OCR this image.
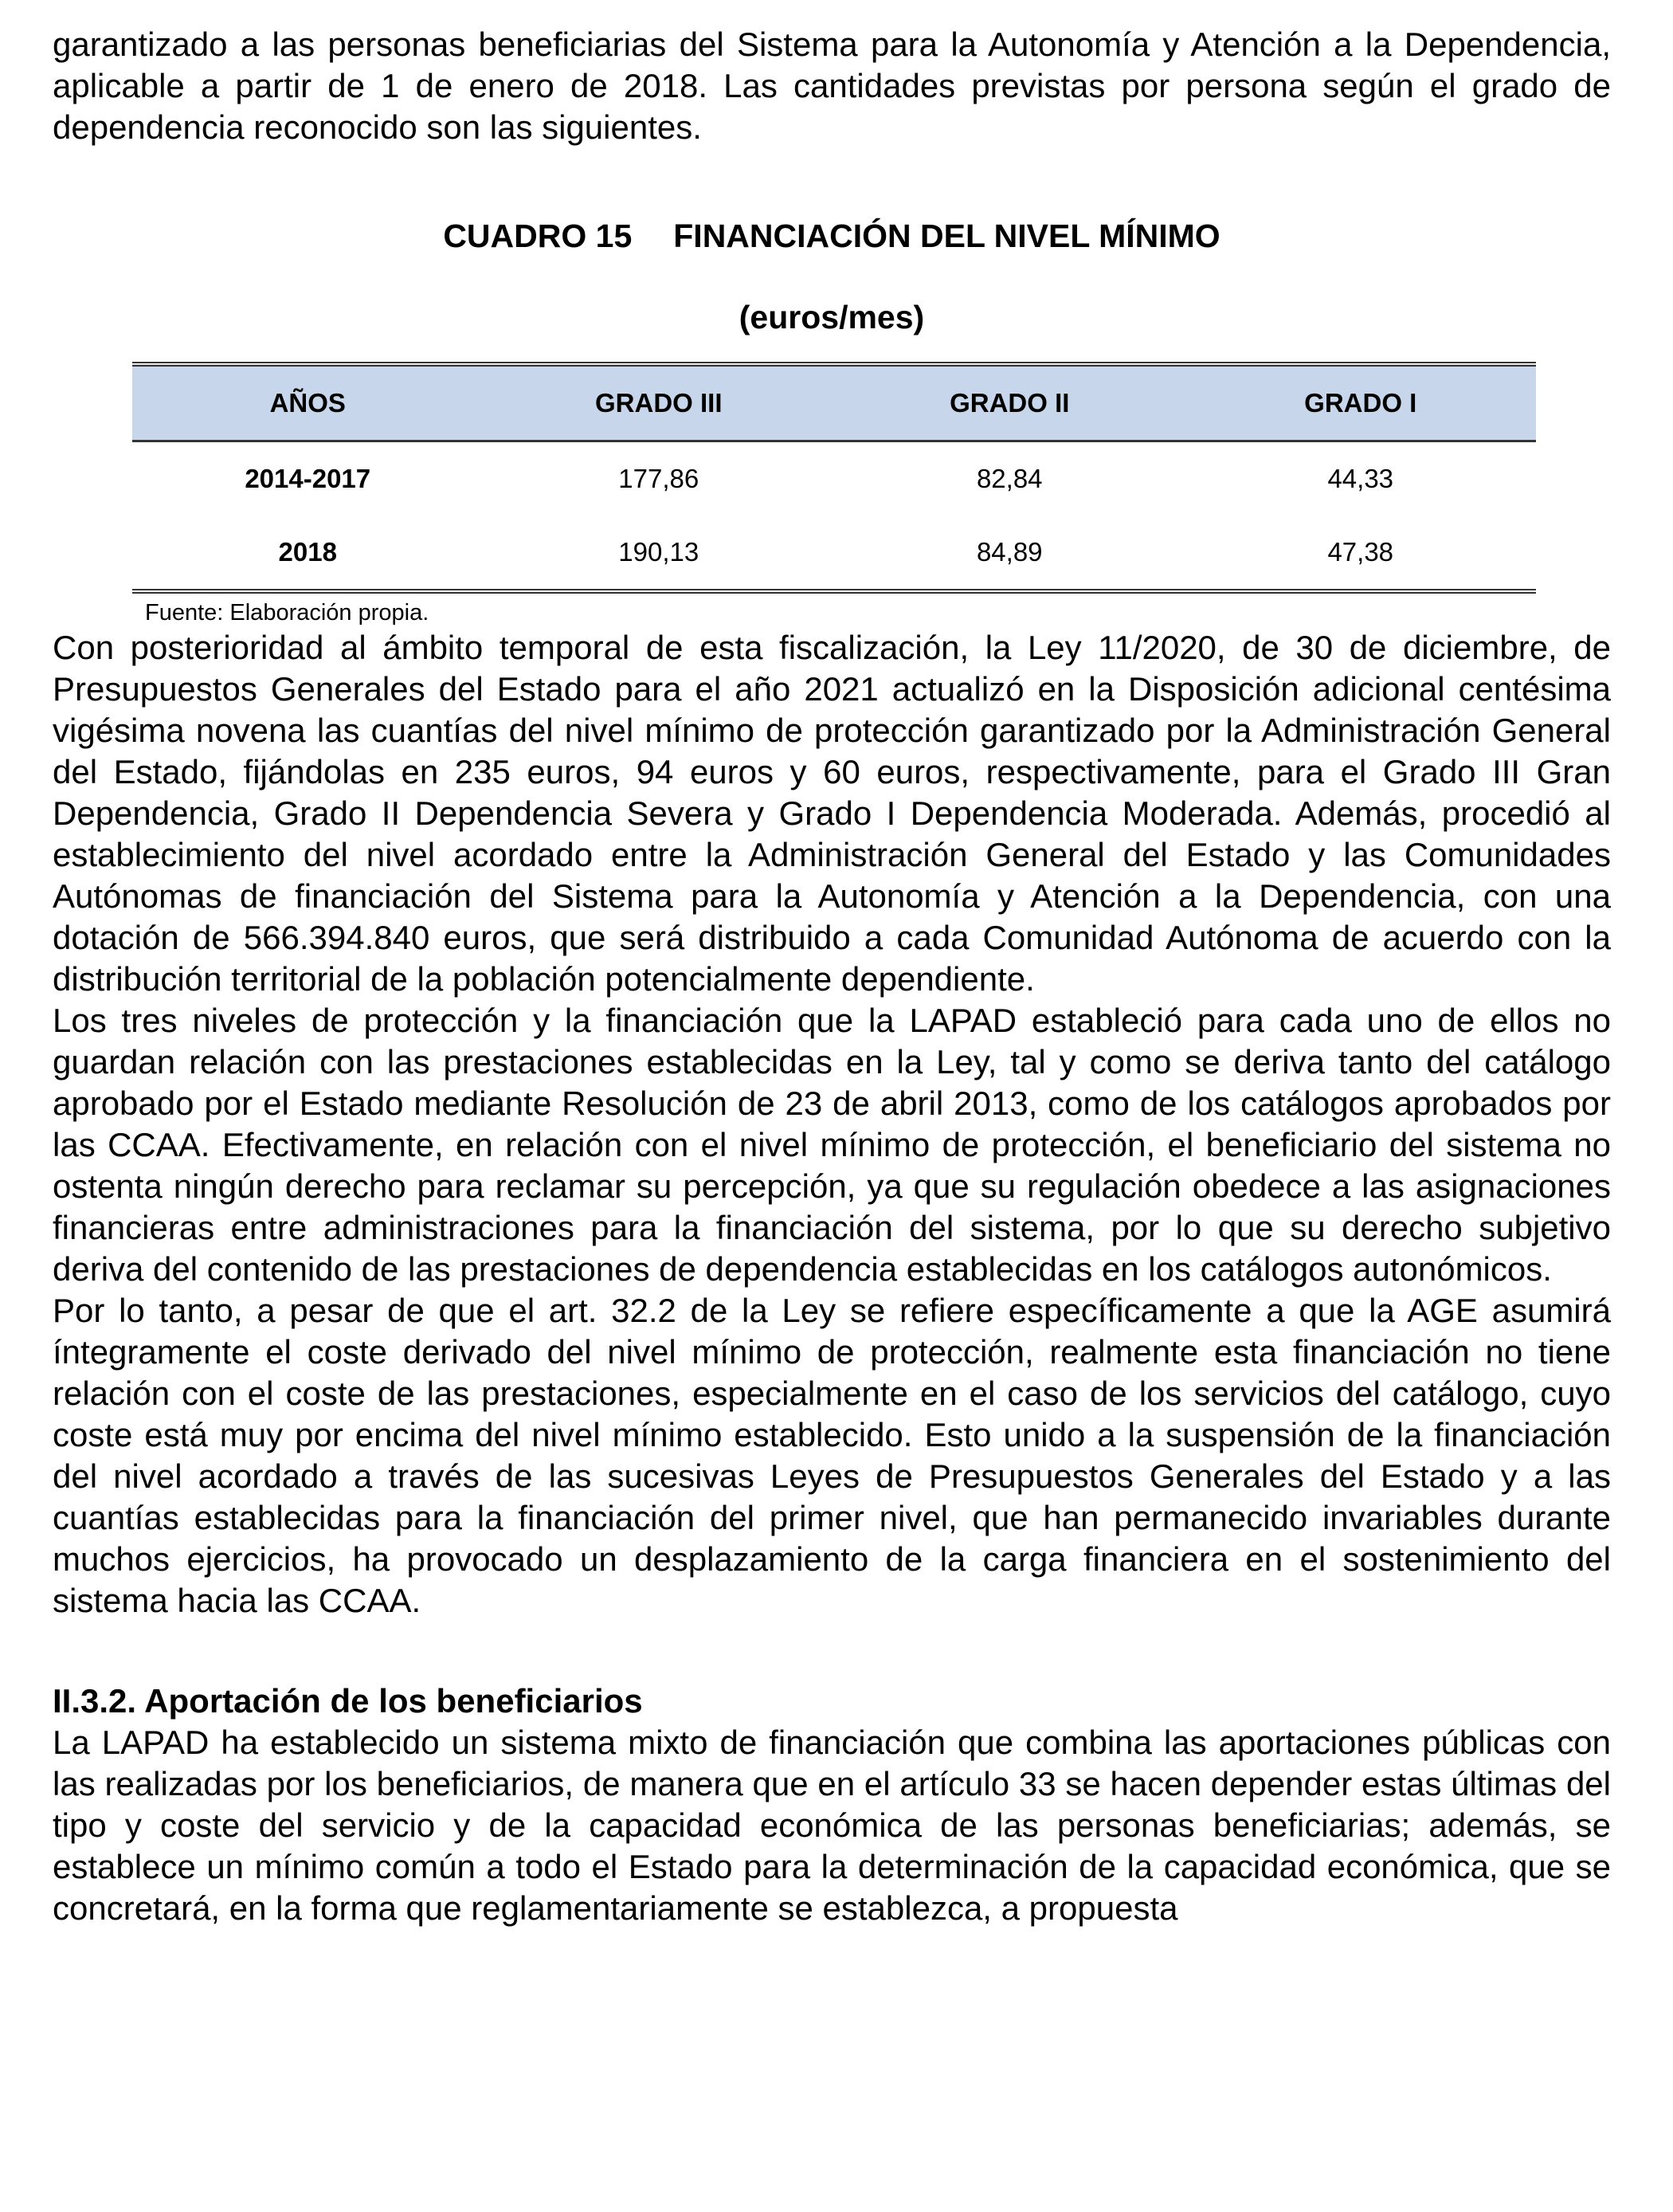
garantizado a las personas beneficiarias del Sistema para la Autonomía y Atención a la Dependencia, aplicable a partir de 1 de enero de 2018. Las cantidades previstas por persona según el grado de dependencia reconocido son las siguientes.

CUADRO 15 FINANCIACIÓN DEL NIVEL MÍNIMO
(euros/mes)
AÑOS	GRADO III	GRADO II	GRADO I
2014-2017	177,86	82,84	44,33
2018	190,13	84,89	47,38
Fuente: Elaboración propia.

Con posterioridad al ámbito temporal de esta fiscalización, la Ley 11/2020, de 30 de diciembre, de Presupuestos Generales del Estado para el año 2021 actualizó en la Disposición adicional centésima vigésima novena las cuantías del nivel mínimo de protección garantizado por la Administración General del Estado, fijándolas en 235 euros, 94 euros y 60 euros, respectivamente, para el Grado III Gran Dependencia, Grado II Dependencia Severa y Grado I Dependencia Moderada. Además, procedió al establecimiento del nivel acordado entre la Administración General del Estado y las Comunidades Autónomas de financiación del Sistema para la Autonomía y Atención a la Dependencia, con una dotación de 566.394.840 euros, que será distribuido a cada Comunidad Autónoma de acuerdo con la distribución territorial de la población potencialmente dependiente.

Los tres niveles de protección y la financiación que la LAPAD estableció para cada uno de ellos no guardan relación con las prestaciones establecidas en la Ley, tal y como se deriva tanto del catálogo aprobado por el Estado mediante Resolución de 23 de abril 2013, como de los catálogos aprobados por las CCAA. Efectivamente, en relación con el nivel mínimo de protección, el beneficiario del sistema no ostenta ningún derecho para reclamar su percepción, ya que su regulación obedece a las asignaciones financieras entre administraciones para la financiación del sistema, por lo que su derecho subjetivo deriva del contenido de las prestaciones de dependencia establecidas en los catálogos autonómicos.

Por lo tanto, a pesar de que el art. 32.2 de la Ley se refiere específicamente a que la AGE asumirá íntegramente el coste derivado del nivel mínimo de protección, realmente esta financiación no tiene relación con el coste de las prestaciones, especialmente en el caso de los servicios del catálogo, cuyo coste está muy por encima del nivel mínimo establecido. Esto unido a la suspensión de la financiación del nivel acordado a través de las sucesivas Leyes de Presupuestos Generales del Estado y a las cuantías establecidas para la financiación del primer nivel, que han permanecido invariables durante muchos ejercicios, ha provocado un desplazamiento de la carga financiera en el sostenimiento del sistema hacia las CCAA.

II.3.2. Aportación de los beneficiarios

La LAPAD ha establecido un sistema mixto de financiación que combina las aportaciones públicas con las realizadas por los beneficiarios, de manera que en el artículo 33 se hacen depender estas últimas del tipo y coste del servicio y de la capacidad económica de las personas beneficiarias; además, se establece un mínimo común a todo el Estado para la determinación de la capacidad económica, que se concretará, en la forma que reglamentariamente se establezca, a propuesta
